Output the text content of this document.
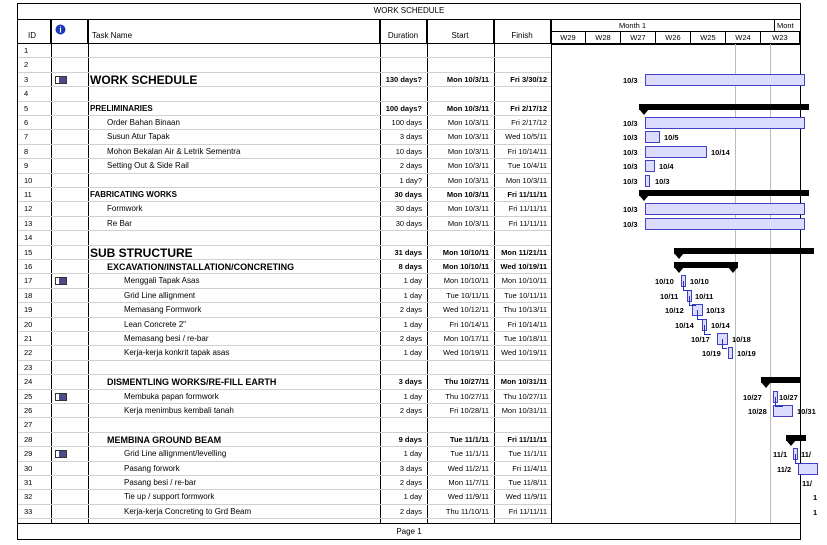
WORK SCHEDULE
ID
i
Task Name	Duration	Start	Finish
1
2
3	WORK SCHEDULE	130 days?	Mon 10/3/11	Fri 3/30/12
4
5	PRELIMINARIES	100 days?	Mon 10/3/11	Fri 2/17/12
6	Order Bahan Binaan	100 days	Mon 10/3/11	Fri 2/17/12
7	Susun Atur Tapak	3 days	Mon 10/3/11	Wed 10/5/11
8	Mohon Bekalan Air & Letrik Sementra	10 days	Mon 10/3/11	Fri 10/14/11
9	Setting Out & Side Rail	2 days	Mon 10/3/11	Tue 10/4/11
10	1 day?	Mon 10/3/11	Mon 10/3/11
11	FABRICATING WORKS	30 days	Mon 10/3/11	Fri 11/11/11
12	Formwork	30 days	Mon 10/3/11	Fri 11/11/11
13	Re Bar	30 days	Mon 10/3/11	Fri 11/11/11
14
15	SUB STRUCTURE	31 days	Mon 10/10/11	Mon 11/21/11
16	EXCAVATION/INSTALLATION/CONCRETING	8 days	Mon 10/10/11	Wed 10/19/11
17	Menggali Tapak Asas	1 day	Mon 10/10/11	Mon 10/10/11
18	Grid Line allignment	1 day	Tue 10/11/11	Tue 10/11/11
19	Memasang Formwork	2 days	Wed 10/12/11	Thu 10/13/11
20	Lean Concrete 2"	1 day	Fri 10/14/11	Fri 10/14/11
21	Memasang besi / re-bar	2 days	Mon 10/17/11	Tue 10/18/11
22	Kerja-kerja konkrit tapak asas	1 day	Wed 10/19/11	Wed 10/19/11
23
24	DISMENTLING WORKS/RE-FILL EARTH	3 days	Thu 10/27/11	Mon 10/31/11
25	Membuka papan formwork	1 day	Thu 10/27/11	Thu 10/27/11
26	Kerja menimbus kembali tanah	2 days	Fri 10/28/11	Mon 10/31/11
27
28	MEMBINA GROUND BEAM	9 days	Tue 11/1/11	Fri 11/11/11
29	Grid Line allignment/levelling	1 day	Tue 11/1/11	Tue 11/1/11
30	Pasang forwork	3 days	Wed 11/2/11	Fri 11/4/11
31	Pasang besi / re-bar	2 days	Mon 11/7/11	Tue 11/8/11
32	Tie up / support formwork	1 day	Wed 11/9/11	Wed 11/9/11
33	Kerja-kerja Concreting to Grd Beam	2 days	Thu 11/10/11	Fri 11/11/11
Month 1	Mont
W29	W28	W27	W26	W25	W24	W23
10/3
10/3
10/3	10/5
10/3	10/14
10/3	10/4
10/3 10/3
10/3
10/3
10/10 10/10
10/11 10/11
10/12	10/13
10/14 10/14
10/17	10/18
10/19 10/19
10/27 10/27
10/28	10/31
11/1 11/
11/2
11/
1
1
Page 1
